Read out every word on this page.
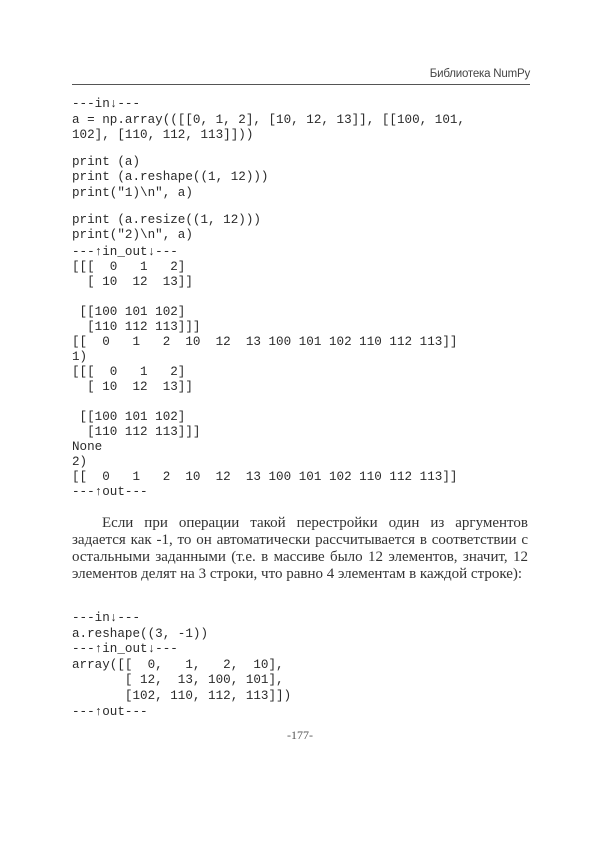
Библиотека NumPy
---in↓---
a = np.array(([[0, 1, 2], [10, 12, 13]], [[100, 101,
102], [110, 112, 113]]))
print (a)
print (a.reshape((1, 12)))
print("1)\n", a)
print (a.resize((1, 12)))
print("2)\n", a)
---↑in_out↓---
[[[  0   1   2]
[ 10  12  13]]
[[100 101 102]
[110 112 113]]]
[[  0   1   2  10  12  13 100 101 102 110 112 113]]
1)
[[[  0   1   2]
[ 10  12  13]]
[[100 101 102]
[110 112 113]]]
None
2)
[[  0   1   2  10  12  13 100 101 102 110 112 113]]
---↑out---
Если при операции такой перестройки один из аргументов задается как -1, то он автоматически рассчитывается в соответствии с остальными заданными (т.е. в массиве было 12 элементов, значит, 12 элементов делят на 3 строки, что равно 4 элементам в каждой строке):
---in↓---
a.reshape((3, -1))
---↑in_out↓---
array([[  0,   1,   2,  10],
[ 12,  13, 100, 101],
[102, 110, 112, 113]])
---↑out---
-177-
